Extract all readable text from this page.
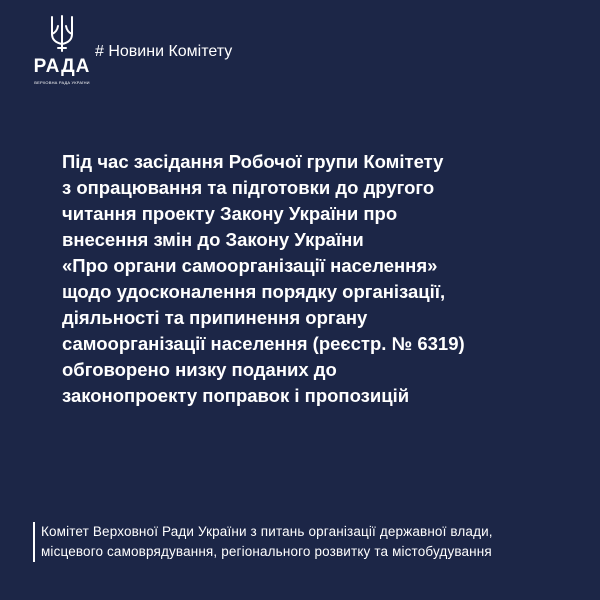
РАДА
ВЕРХОВНА РАДА УКРАЇНИ
# Новини Комітету

Під час засідання Робочої групи Комітету
з опрацювання та підготовки до другого
читання проекту Закону України про
внесення змін до Закону України
«Про органи самоорганізації населення»
щодо удосконалення порядку організації,
діяльності та припинення органу
самоорганізації населення (реєстр. № 6319)
обговорено низку поданих до
законопроекту поправок і пропозицій

Комітет Верховної Ради України з питань організації державної влади,
місцевого самоврядування, регіонального розвитку та містобудування
